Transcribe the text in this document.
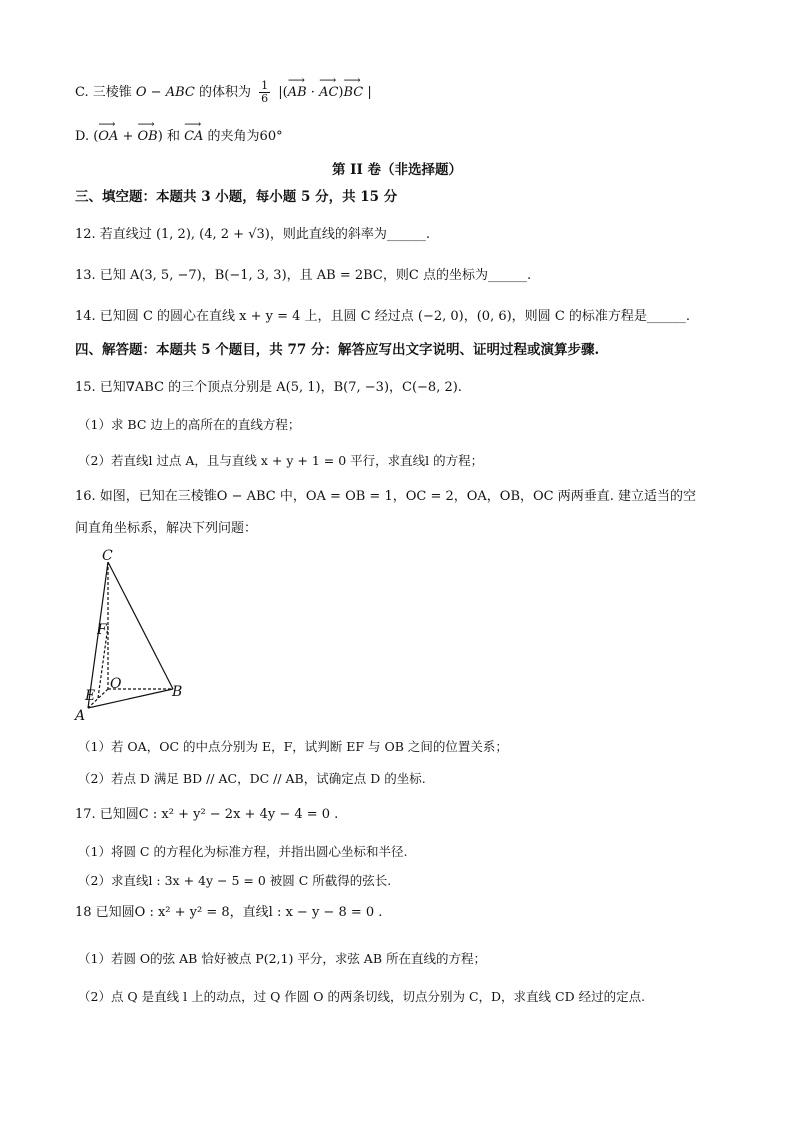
C. 三棱锥 O − ABC 的体积为 $\frac{1}{6}$ |(⟶ AB · ⟶ AC)⟶ BC |
D. (⟶ OA + ⟶ OB) 和 ⟶ CA 的夹角为60°
第 II 卷（非选择题）
三、填空题：本题共 3 小题，每小题 5 分，共 15 分
12. 若直线过 (1, 2), (4, 2 + √3)，则此直线的斜率为______.
13. 已知 A(3, 5, −7)，B(−1, 3, 3)，且 AB = 2BC，则C 点的坐标为______.
14. 已知圆 C 的圆心在直线 x + y = 4 上，且圆 C 经过点 (−2, 0)，(0, 6)，则圆 C 的标准方程是______.
四、解答题：本题共 5 个题目，共 77 分：解答应写出文字说明、证明过程或演算步骤.
15. 已知∇ABC 的三个顶点分别是 A(5, 1)，B(7, −3)，C(−8, 2).
（1）求 BC 边上的高所在的直线方程；
（2）若直线l 过点 A，且与直线 x + y + 1 = 0 平行，求直线l 的方程；
16. 如图，已知在三棱锥O − ABC 中，OA = OB = 1，OC = 2，OA，OB，OC 两两垂直. 建立适当的空
间直角坐标系，解决下列问题：
C
F
O
E	B
A
（1）若 OA，OC 的中点分别为 E，F，试判断 EF 与 OB 之间的位置关系；
（2）若点 D 满足 BD // AC，DC // AB，试确定点 D 的坐标.
17. 已知圆C : x² + y² − 2x + 4y − 4 = 0 .
（1）将圆 C 的方程化为标准方程，并指出圆心坐标和半径.
（2）求直线l : 3x + 4y − 5 = 0 被圆 C 所截得的弦长.
18 已知圆O : x² + y² = 8，直线l : x − y − 8 = 0 .
（1）若圆 O的弦 AB 恰好被点 P(2,1) 平分，求弦 AB 所在直线的方程；
（2）点 Q 是直线 l 上的动点，过 Q 作圆 O 的两条切线，切点分别为 C，D，求直线 CD 经过的定点.
